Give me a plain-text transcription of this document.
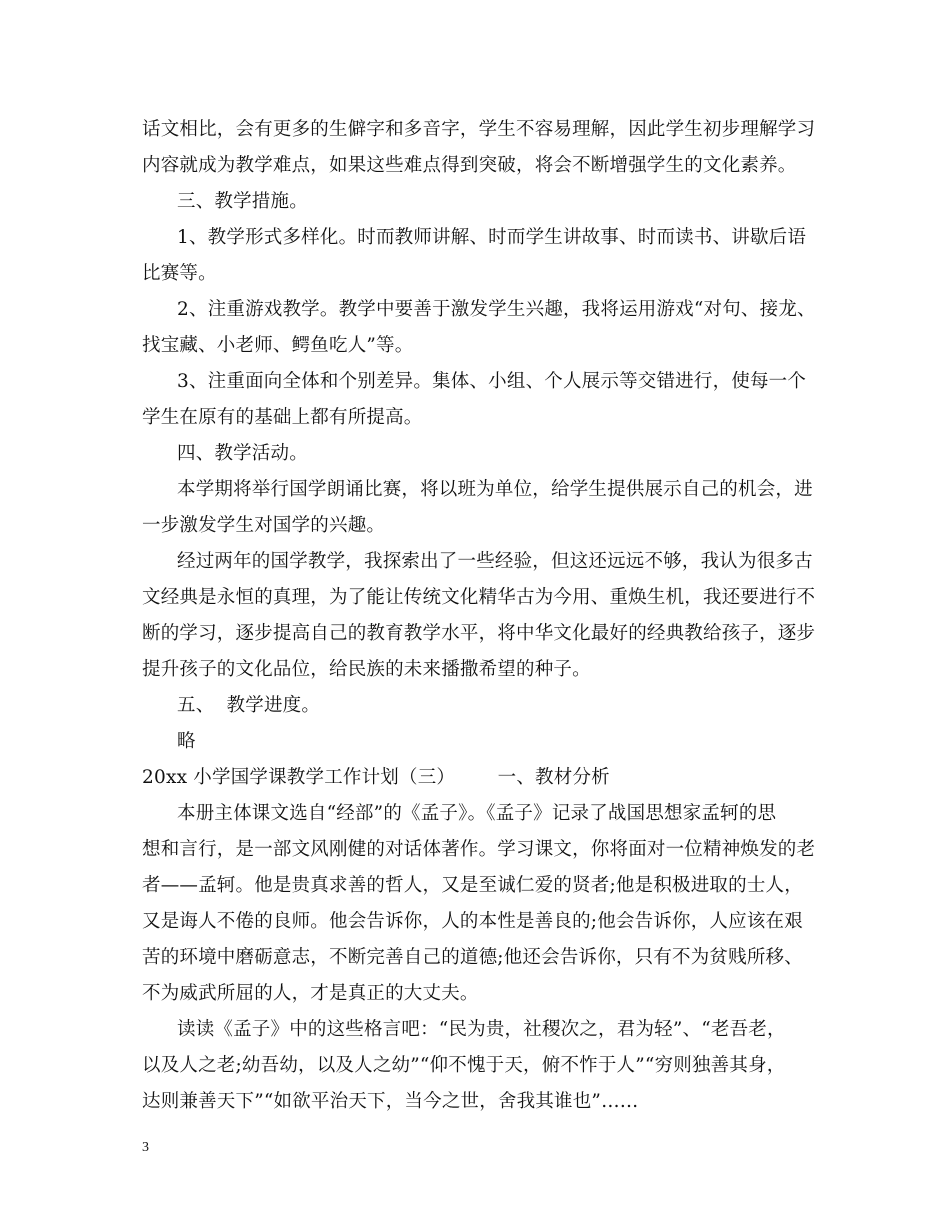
话文相比，会有更多的生僻字和多音字，学生不容易理解，因此学生初步理解学习
内容就成为教学难点，如果这些难点得到突破，将会不断增强学生的文化素养。
三、教学措施。
1、教学形式多样化。时而教师讲解、时而学生讲故事、时而读书、讲歇后语
比赛等。
2、注重游戏教学。教学中要善于激发学生兴趣，我将运用游戏“对句、接龙、
找宝藏、小老师、鳄鱼吃人”等。
3、注重面向全体和个别差异。集体、小组、个人展示等交错进行，使每一个
学生在原有的基础上都有所提高。
四、教学活动。
本学期将举行国学朗诵比赛，将以班为单位，给学生提供展示自己的机会，进
一步激发学生对国学的兴趣。
经过两年的国学教学，我探索出了一些经验，但这还远远不够，我认为很多古
文经典是永恒的真理，为了能让传统文化精华古为今用、重焕生机，我还要进行不
断的学习，逐步提高自己的教育教学水平，将中华文化最好的经典教给孩子，逐步
提升孩子的文化品位，给民族的未来播撒希望的种子。
五、  教学进度。
略
20xx 小学国学课教学工作计划（三）       一、教材分析
本册主体课文选自“经部”的《孟子》。《孟子》记录了战国思想家孟轲的思
想和言行，是一部文风刚健的对话体著作。学习课文，你将面对一位精神焕发的老
者——孟轲。他是贵真求善的哲人，又是至诚仁爱的贤者;他是积极进取的士人，
又是诲人不倦的良师。他会告诉你，人的本性是善良的;他会告诉你，人应该在艰
苦的环境中磨砺意志，不断完善自己的道德;他还会告诉你，只有不为贫贱所移、
不为威武所屈的人，才是真正的大丈夫。
读读《孟子》中的这些格言吧：“民为贵，社稷次之，君为轻”、“老吾老，
以及人之老;幼吾幼，以及人之幼”“仰不愧于天，俯不怍于人”“穷则独善其身，
达则兼善天下”“如欲平治天下，当今之世，舍我其谁也”……
3
